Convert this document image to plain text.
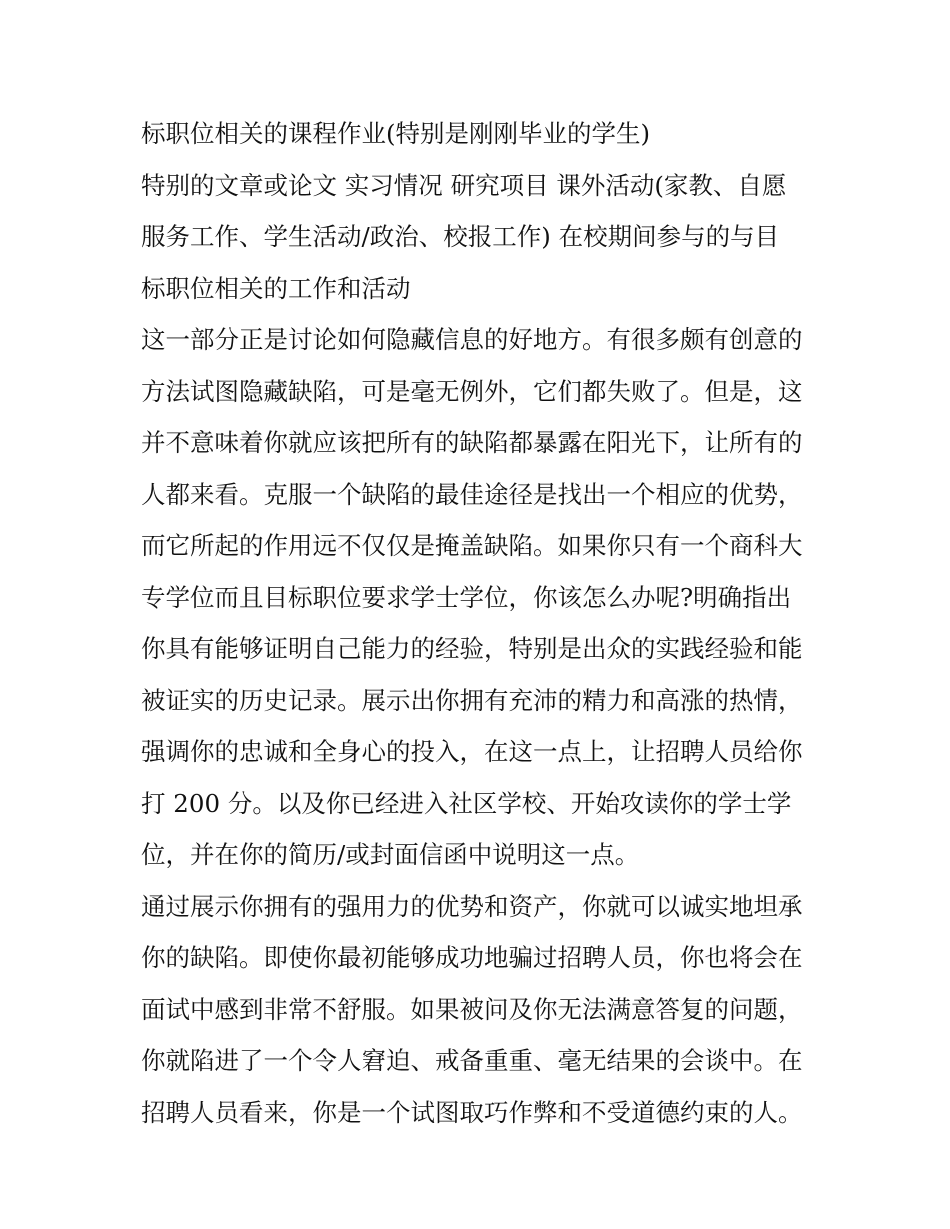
标职位相关的课程作业(特别是刚刚毕业的学生)
特别的文章或论文 实习情况 研究项目 课外活动(家教、自愿
服务工作、学生活动/政治、校报工作) 在校期间参与的与目
标职位相关的工作和活动
这一部分正是讨论如何隐藏信息的好地方。有很多颇有创意的
方法试图隐藏缺陷，可是毫无例外，它们都失败了。但是，这
并不意味着你就应该把所有的缺陷都暴露在阳光下，让所有的
人都来看。克服一个缺陷的最佳途径是找出一个相应的优势，
而它所起的作用远不仅仅是掩盖缺陷。如果你只有一个商科大
专学位而且目标职位要求学士学位，你该怎么办呢?明确指出
你具有能够证明自己能力的经验，特别是出众的实践经验和能
被证实的历史记录。展示出你拥有充沛的精力和高涨的热情，
强调你的忠诚和全身心的投入，在这一点上，让招聘人员给你
打 200 分。以及你已经进入社区学校、开始攻读你的学士学
位，并在你的简历/或封面信函中说明这一点。
通过展示你拥有的强用力的优势和资产，你就可以诚实地坦承
你的缺陷。即使你最初能够成功地骗过招聘人员，你也将会在
面试中感到非常不舒服。如果被问及你无法满意答复的问题，
你就陷进了一个令人窘迫、戒备重重、毫无结果的会谈中。在
招聘人员看来，你是一个试图取巧作弊和不受道德约束的人。
